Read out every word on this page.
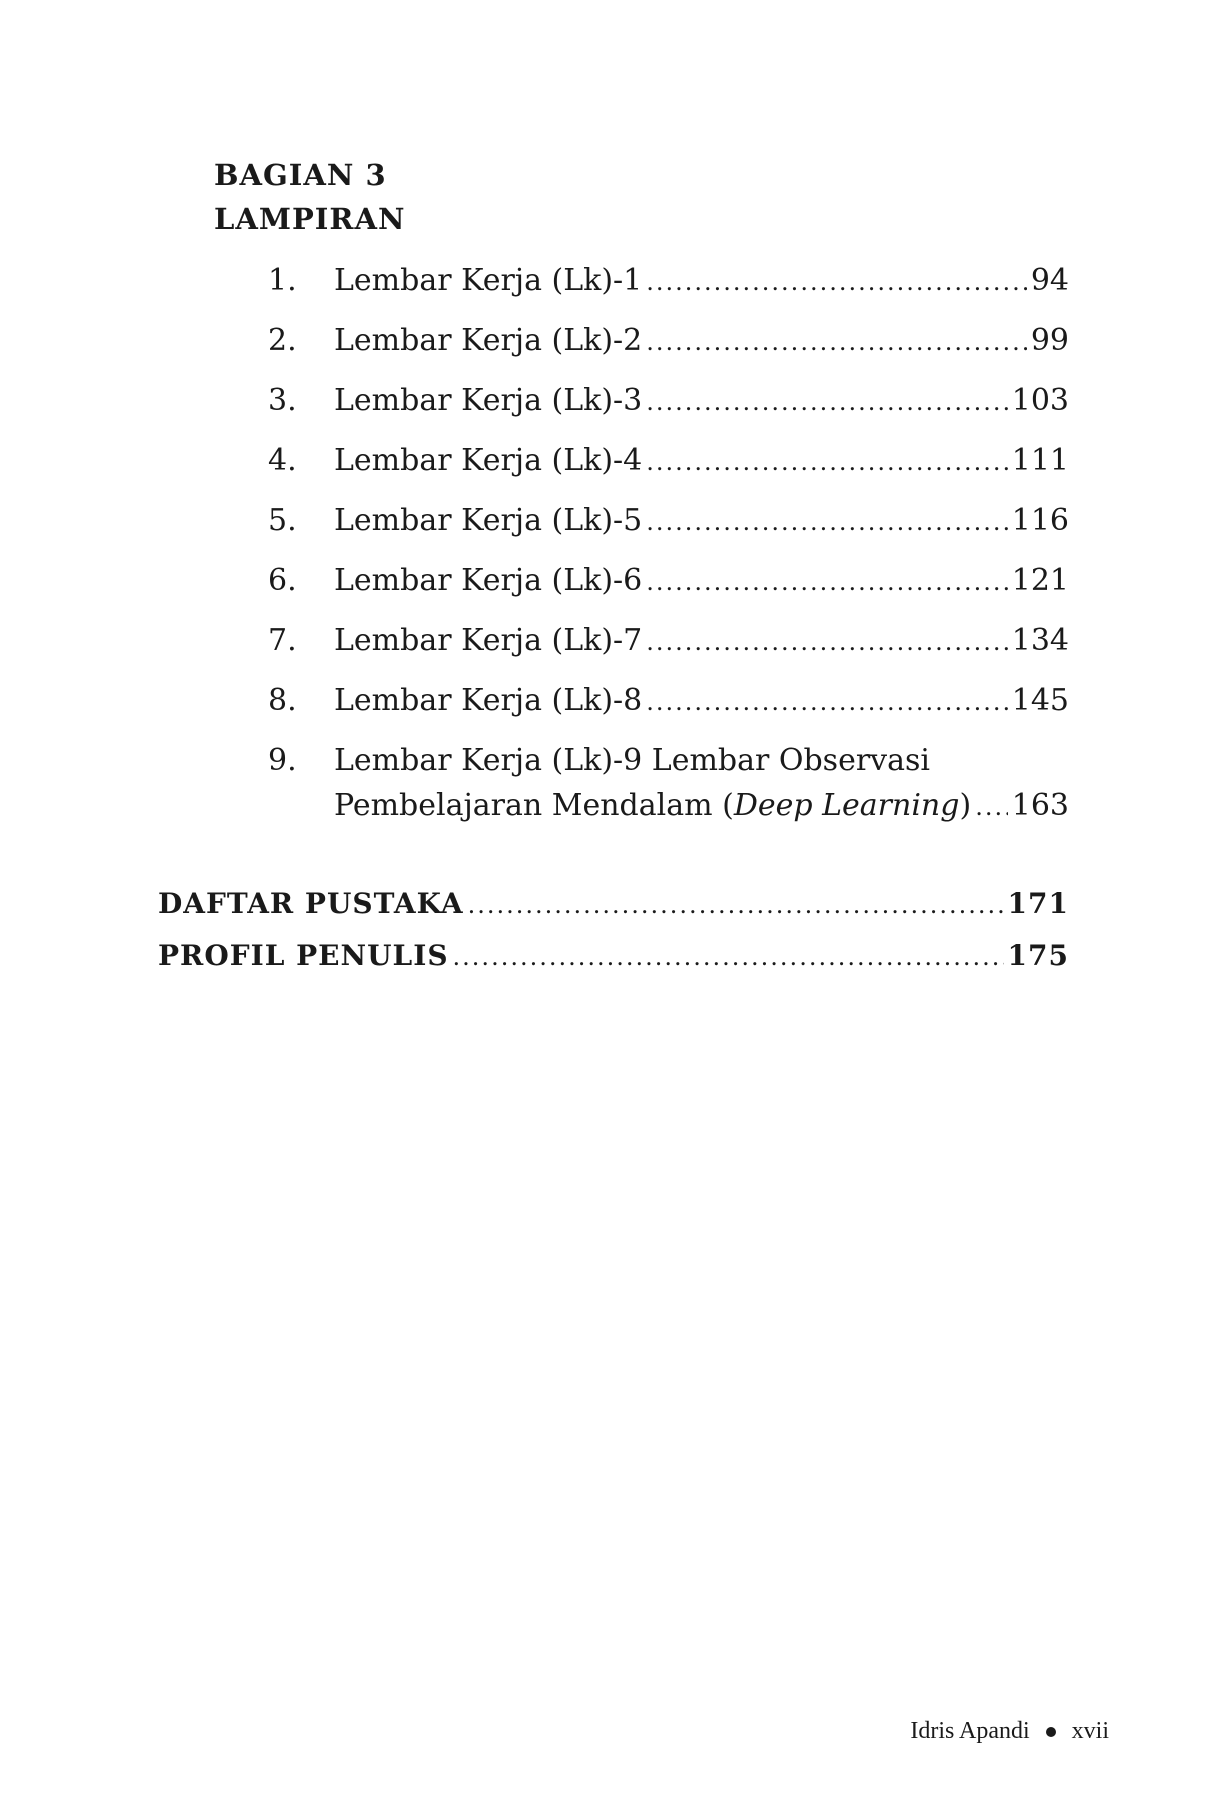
BAGIAN 3
LAMPIRAN
1.	Lembar Kerja (Lk)-1 .....	94
2.	Lembar Kerja (Lk)-2 .....	99
3.	Lembar Kerja (Lk)-3 .....	103
4.	Lembar Kerja (Lk)-4 .....	111
5.	Lembar Kerja (Lk)-5 .....	116
6.	Lembar Kerja (Lk)-6 .....	121
7.	Lembar Kerja (Lk)-7 .....	134
8.	Lembar Kerja (Lk)-8 .....	145
9.	Lembar Kerja (Lk)-9 Lembar Observasi
Pembelajaran Mendalam (Deep Learning) ..... 163
DAFTAR PUSTAKA .....	171
PROFIL PENULIS .....	175
Idris Apandi xvii
